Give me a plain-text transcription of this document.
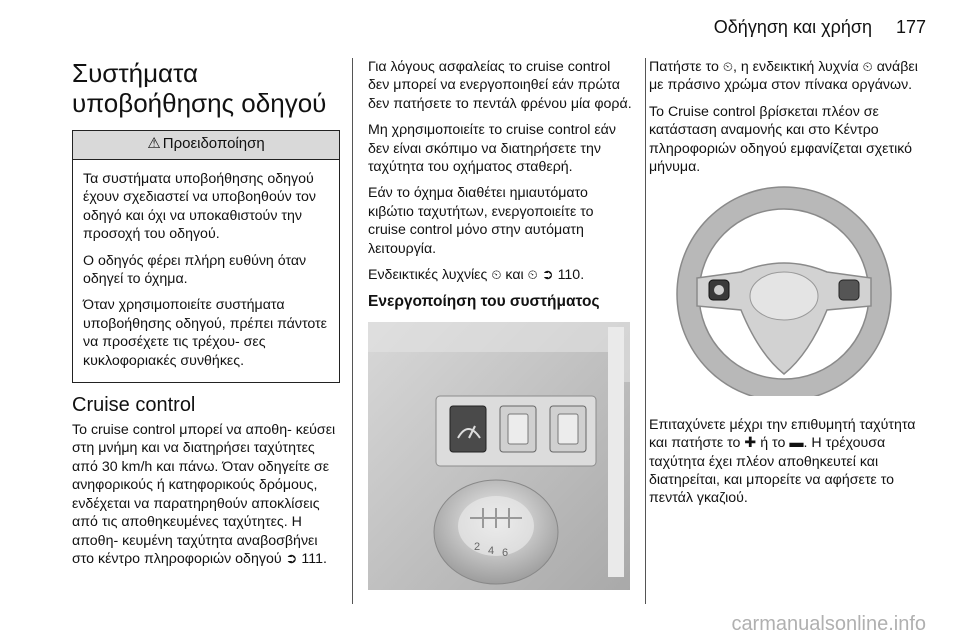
Οδήγηση και χρήση 177
Συστήματα υποβοήθησης οδηγού
⚠ Προειδοποίηση

Τα συστήματα υποβοήθησης οδηγού έχουν σχεδιαστεί να υποβοηθούν τον οδηγό και όχι να υποκαθιστούν την προσοχή του οδηγού.

Ο οδηγός φέρει πλήρη ευθύνη όταν οδηγεί το όχημα.

Όταν χρησιμοποιείτε συστήματα υποβοήθησης οδηγού, πρέπει πάντοτε να προσέχετε τις τρέχου- σες κυκλοφοριακές συνθήκες.

Cruise control

Το cruise control μπορεί να αποθη- κεύσει στη μνήμη και να διατηρήσει ταχύτητες από 30 km/h και πάνω. Όταν οδηγείτε σε ανηφορικούς ή κατηφορικούς δρόμους, ενδέχεται να παρατηρηθούν αποκλίσεις από τις αποθηκευμένες ταχύτητες. Η αποθη- κευμένη ταχύτητα αναβοσβήνει στο κέντρο πληροφοριών οδηγού ➲ 111.

Για λόγους ασφαλείας το cruise control δεν μπορεί να ενεργοποιηθεί εάν πρώτα δεν πατήσετε το πεντάλ φρένου μία φορά.

Μη χρησιμοποιείτε το cruise control εάν δεν είναι σκόπιμο να διατηρήσετε την ταχύτητα του οχήματος σταθερή.

Εάν το όχημα διαθέτει ημιαυτόματο κιβώτιο ταχυτήτων, ενεργοποιείτε το cruise control μόνο στην αυτόματη λειτουργία.

Ενδεικτικές λυχνίες ⏲ και ⏲ ➲ 110.

Ενεργοποίηση του συστήματος
2 4 6

Πατήστε το ⏲, η ενδεικτική λυχνία ⏲ ανάβει με πράσινο χρώμα στον πίνακα οργάνων.

Το Cruise control βρίσκεται πλέον σε κατάσταση αναμονής και στο Κέντρο πληροφοριών οδηγού εμφανίζεται σχετικό μήνυμα.

Επιταχύνετε μέχρι την επιθυμητή ταχύτητα και πατήστε το ✚ ή το ▬. Η τρέχουσα ταχύτητα έχει πλέον αποθηκευτεί και διατηρείται, και μπορείτε να αφήσετε το πεντάλ γκαζιού.

carmanualsonline.info
